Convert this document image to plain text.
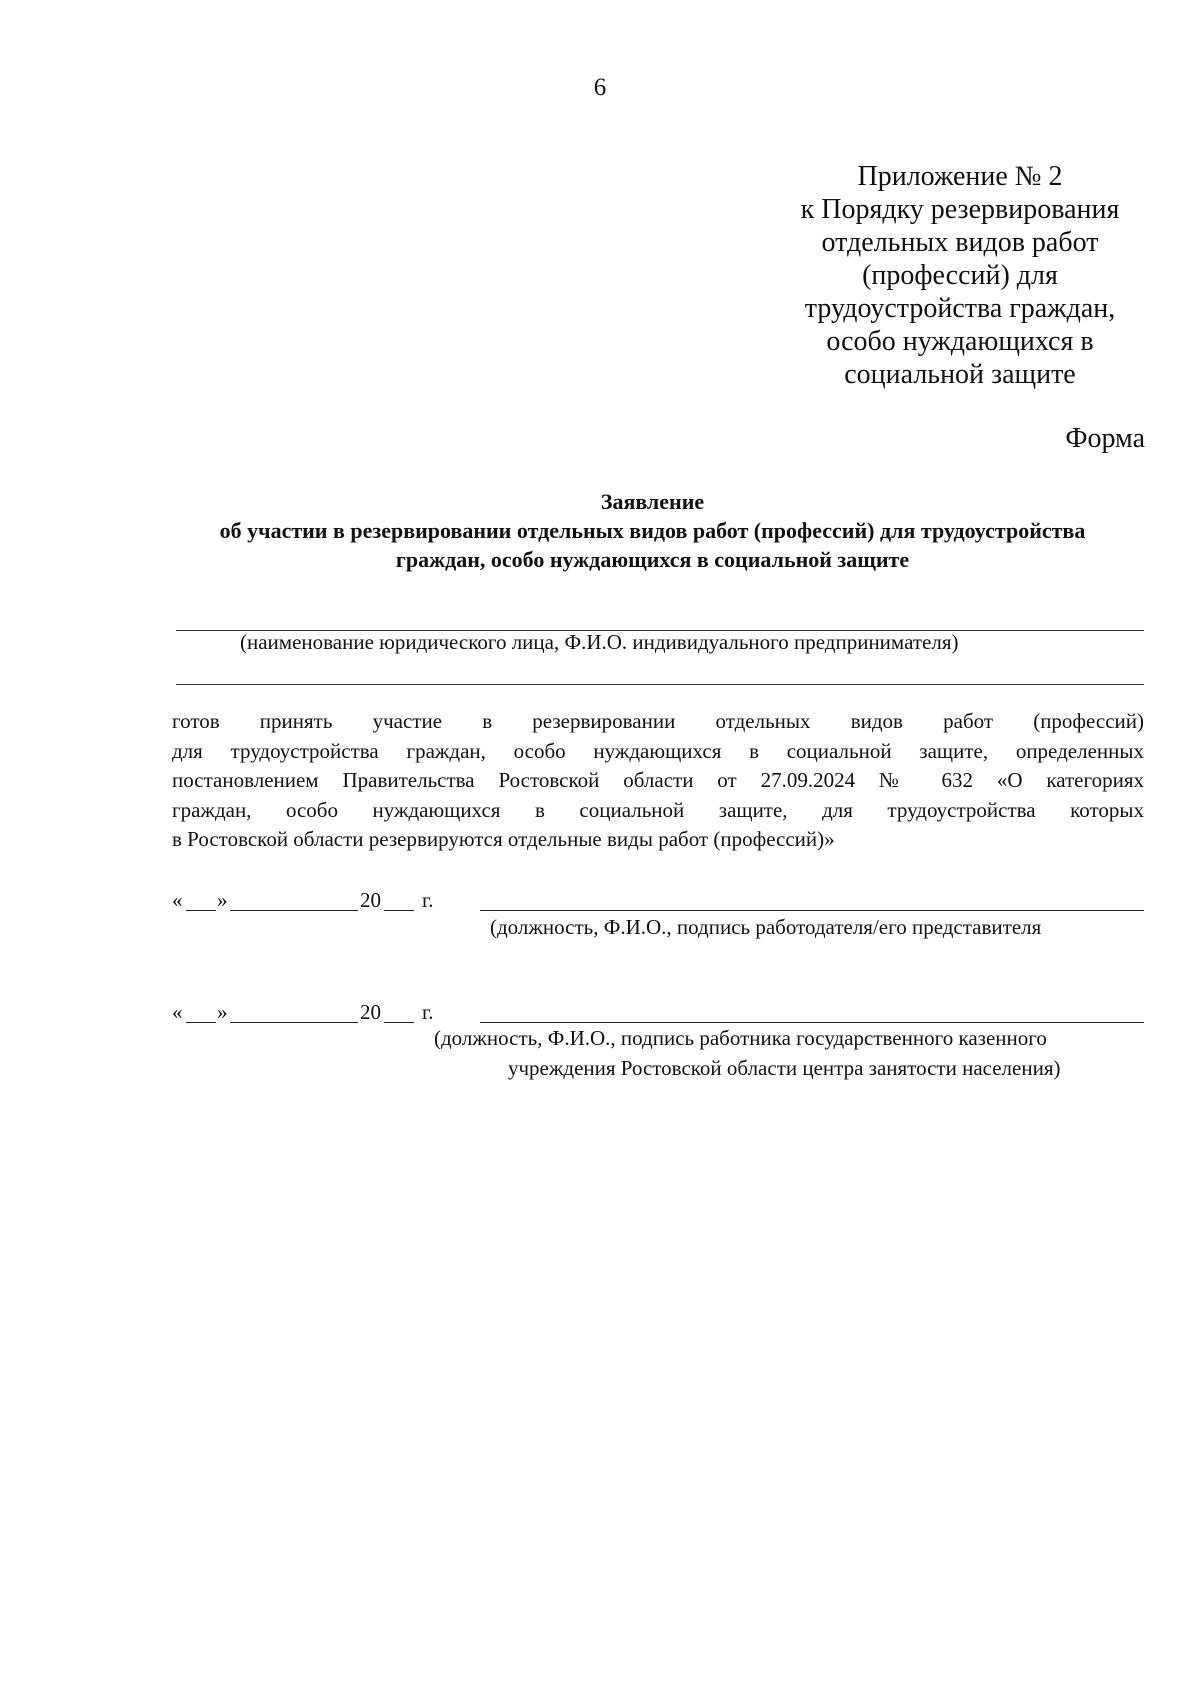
6
Приложение № 2
к Порядку резервирования
отдельных видов работ
(профессий) для
трудоустройства граждан,
особо нуждающихся в
социальной защите
Форма
Заявление
об участии в резервировании отдельных видов работ (профессий) для трудоустройства
граждан, особо нуждающихся в социальной защите
(наименование юридического лица, Ф.И.О. индивидуального предпринимателя)
готов принять участие в резервировании отдельных видов работ (профессий)
для трудоустройства граждан, особо нуждающихся в социальной защите, определенных
постановлением Правительства Ростовской области от 27.09.2024 № 632 «О категориях
граждан, особо нуждающихся в социальной защите, для трудоустройства которых
в Ростовской области резервируются отдельные виды работ (профессий)»
« »	20 г.
(должность, Ф.И.О., подпись работодателя/его представителя
« »	20 г.
(должность, Ф.И.О., подпись работника государственного казенного
учреждения Ростовской области центра занятости населения)
